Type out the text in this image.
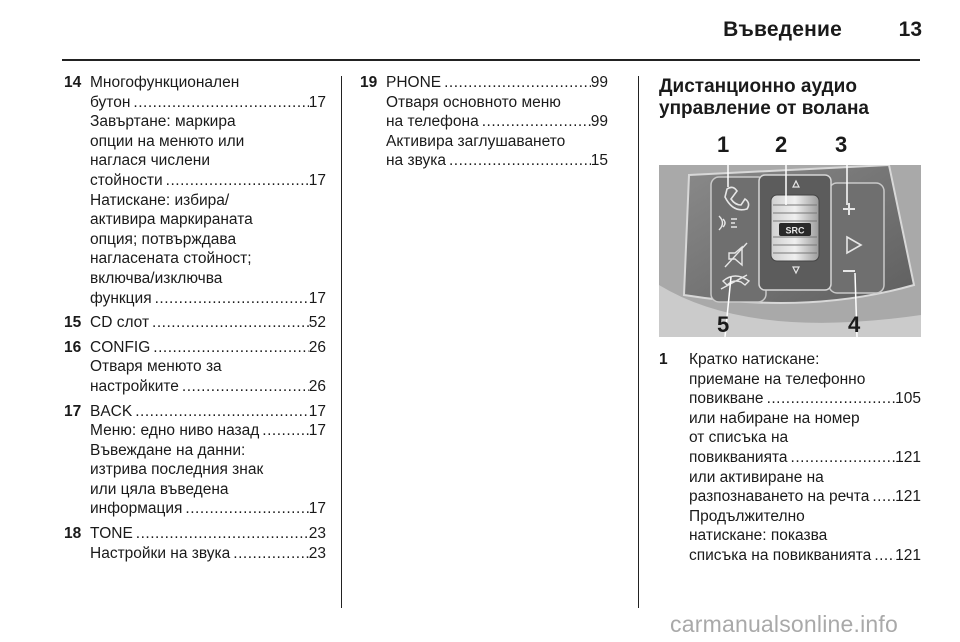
Въведение	13
14 Многофункционален
бутон .....	17
Завъртане: маркира
опции на менюто или
наглася числени
стойности .....	17
Натискане: избира/
активира маркираната
опция; потвърждава
нагласената стойност;
включва/изключва
функция .....	17
15 CD слот .....	52
16 CONFIG .....	26
Отваря менюто за
настройките .....	26
17 BACK .....	17
Меню: едно ниво назад .....	17
Въвеждане на данни:
изтрива последния знак
или цяла въведена
информация .....	17
18 TONE .....	23
Настройки на звука .....	23
19 PHONE .....	99
Отваря основното меню
на телефона .....	99
Активира заглушаването
на звука .....	15
Дистанционно аудио
управление от волана
1 2 3
SRC
5	4
1	Кратко натискане:
приемане на телефонно
повикване .....	105
или набиране на номер
от списъка на
повикванията .....	121
или активиране на
разпознаването на речта ..... 121
Продължително
натискане: показва
списъка на повикванията ..... 121
carmanualsonline.info
